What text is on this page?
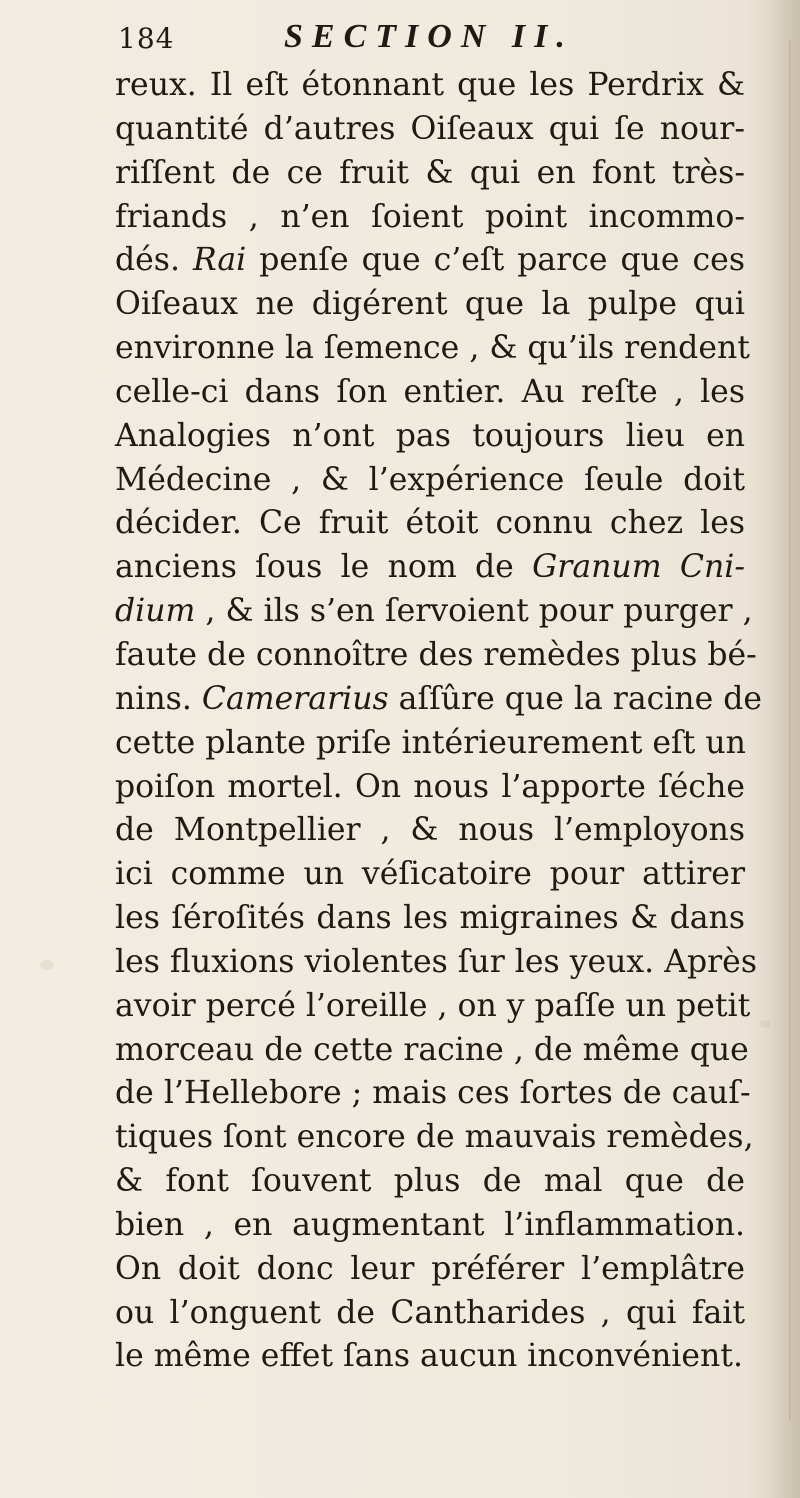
184	SECTION II.
reux. Il eſt étonnant que les Perdrix &
quantité d’autres Oiſeaux qui ſe nour-
riſſent de ce fruit & qui en font très-
friands , n’en ſoient point incommo-
dés. Rai penſe que c’eſt parce que ces
Oiſeaux ne digérent que la pulpe qui
environne la ſemence , & qu’ils rendent
celle-ci dans ſon entier. Au reſte , les
Analogies n’ont pas toujours lieu en
Médecine , & l’expérience ſeule doit
décider. Ce fruit étoit connu chez les
anciens ſous le nom de Granum Cni-
dium , & ils s’en ſervoient pour purger ,
faute de connoître des remèdes plus bé-
nins. Camerarius aſſûre que la racine de
cette plante priſe intérieurement eſt un
poiſon mortel. On nous l’apporte ſéche
de Montpellier , & nous l’employons
ici comme un véſicatoire pour attirer
les ſéroſités dans les migraines & dans
les fluxions violentes ſur les yeux. Après
avoir percé l’oreille , on y paſſe un petit
morceau de cette racine , de même que
de l’Hellebore ; mais ces ſortes de cauſ-
tiques ſont encore de mauvais remèdes,
& font ſouvent plus de mal que de
bien , en augmentant l’inflammation.
On doit donc leur préférer l’emplâtre
ou l’onguent de Cantharides , qui fait
le même effet ſans aucun inconvénient.
